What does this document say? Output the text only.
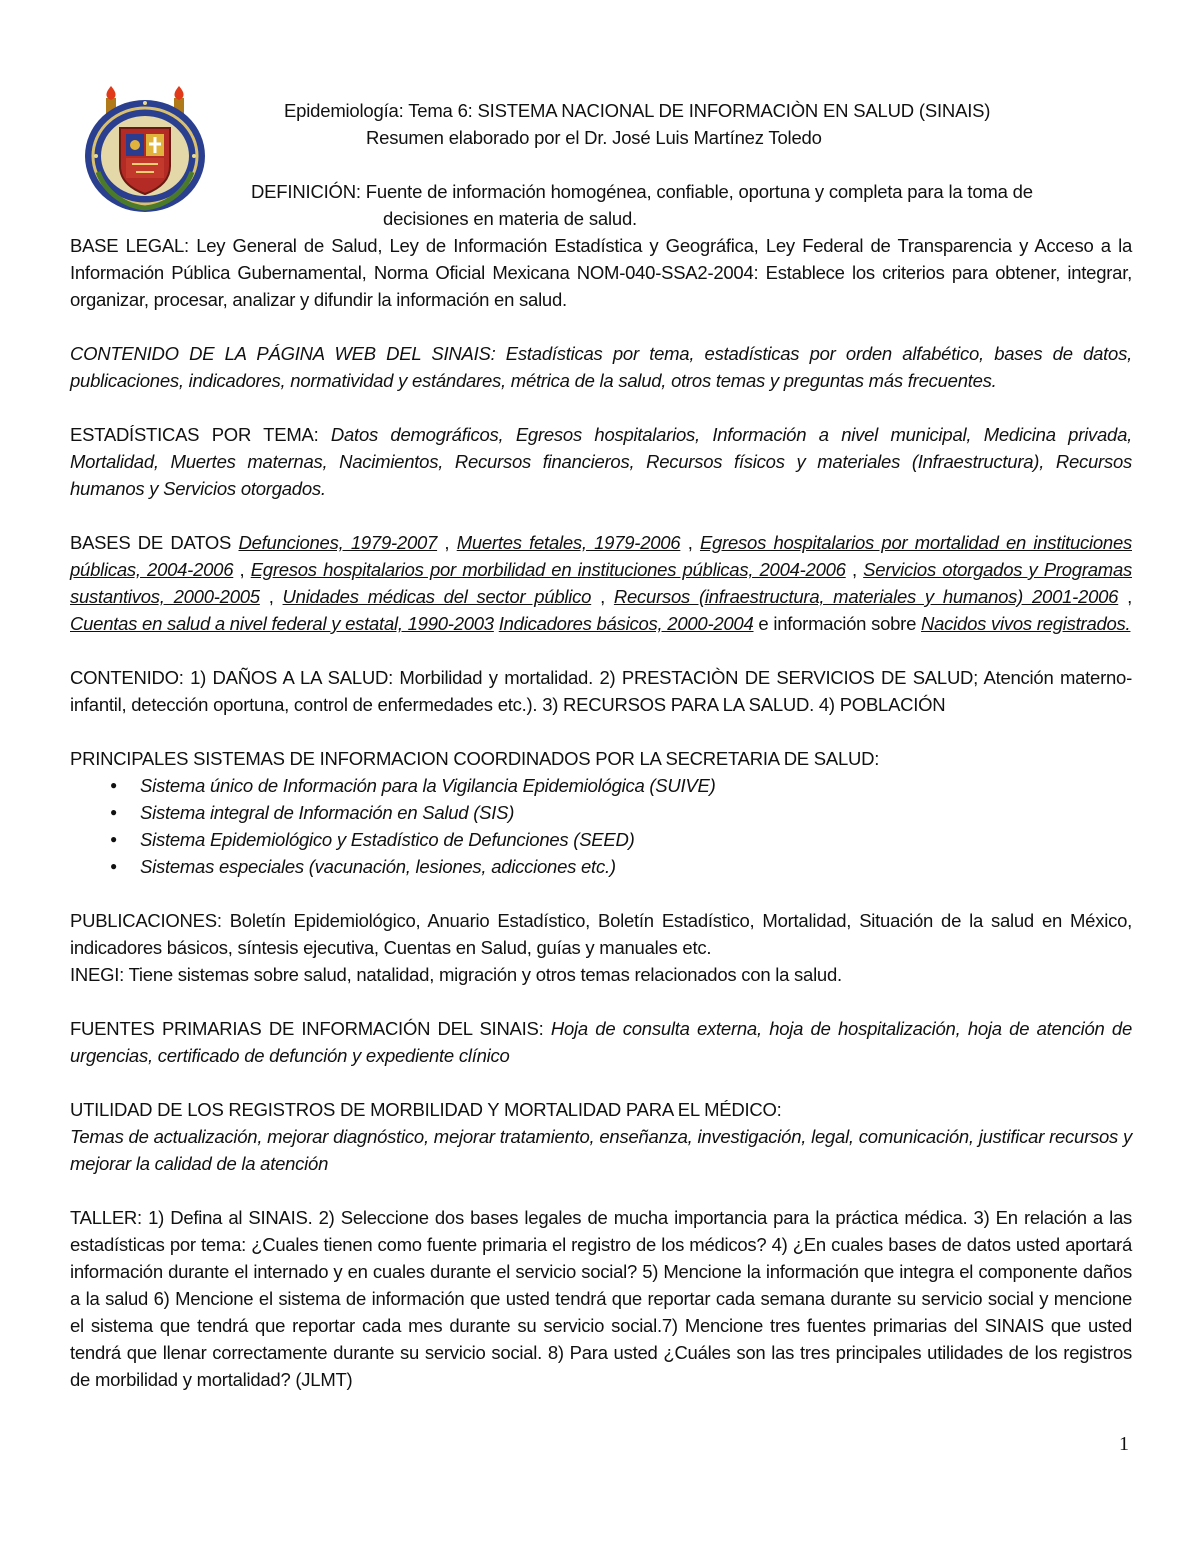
Epidemiología: Tema 6: SISTEMA NACIONAL DE INFORMACIÒN EN SALUD (SINAIS)
Resumen elaborado por el Dr. José Luis Martínez Toledo
DEFINICIÓN: Fuente de información homogénea, confiable, oportuna y completa para la toma de
decisiones en materia de salud.

BASE LEGAL: Ley General de Salud, Ley de Información Estadística y Geográfica, Ley Federal de Transparencia y Acceso a la Información Pública Gubernamental, Norma Oficial Mexicana NOM-040-SSA2-2004: Establece los criterios para obtener, integrar, organizar, procesar, analizar y difundir la información en salud.

CONTENIDO DE LA PÁGINA WEB DEL SINAIS: Estadísticas por tema, estadísticas por orden alfabético, bases de datos, publicaciones, indicadores, normatividad y estándares, métrica de la salud, otros temas y preguntas más frecuentes.

ESTADÍSTICAS POR TEMA: Datos demográficos, Egresos hospitalarios, Información a nivel municipal, Medicina privada, Mortalidad, Muertes maternas, Nacimientos, Recursos financieros, Recursos físicos y materiales (Infraestructura), Recursos humanos y Servicios otorgados.

BASES DE DATOS Defunciones, 1979-2007 , Muertes fetales, 1979-2006 , Egresos hospitalarios por mortalidad en instituciones públicas, 2004-2006 , Egresos hospitalarios por morbilidad en instituciones públicas, 2004-2006 , Servicios otorgados y Programas sustantivos, 2000-2005 , Unidades médicas del sector público , Recursos (infraestructura, materiales y humanos) 2001-2006 , Cuentas en salud a nivel federal y estatal, 1990-2003 Indicadores básicos, 2000-2004 e información sobre Nacidos vivos registrados.

CONTENIDO: 1) DAÑOS A LA SALUD: Morbilidad y mortalidad. 2) PRESTACIÒN DE SERVICIOS DE SALUD; Atención materno-infantil, detección oportuna, control de enfermedades etc.). 3) RECURSOS PARA LA SALUD. 4) POBLACIÓN

PRINCIPALES SISTEMAS DE INFORMACION COORDINADOS POR LA SECRETARIA DE SALUD:

● Sistema único de Información para la Vigilancia Epidemiológica (SUIVE)
● Sistema integral de Información en Salud (SIS)
● Sistema Epidemiológico y Estadístico de Defunciones (SEED)
● Sistemas especiales (vacunación, lesiones, adicciones etc.)

PUBLICACIONES: Boletín Epidemiológico, Anuario Estadístico, Boletín Estadístico, Mortalidad, Situación de la salud en México, indicadores básicos, síntesis ejecutiva, Cuentas en Salud, guías y manuales etc.

INEGI: Tiene sistemas sobre salud, natalidad, migración y otros temas relacionados con la salud.

FUENTES PRIMARIAS DE INFORMACIÓN DEL SINAIS: Hoja de consulta externa, hoja de hospitalización, hoja de atención de urgencias, certificado de defunción y expediente clínico

UTILIDAD DE LOS REGISTROS DE MORBILIDAD Y MORTALIDAD PARA EL MÉDICO:

Temas de actualización, mejorar diagnóstico, mejorar tratamiento, enseñanza, investigación, legal, comunicación, justificar recursos y mejorar la calidad de la atención

TALLER: 1) Defina al SINAIS. 2) Seleccione dos bases legales de mucha importancia para la práctica médica. 3) En relación a las estadísticas por tema: ¿Cuales tienen como fuente primaria el registro de los médicos? 4) ¿En cuales bases de datos usted aportará información durante el internado y en cuales durante el servicio social? 5) Mencione la información que integra el componente daños a la salud 6) Mencione el sistema de información que usted tendrá que reportar cada semana durante su servicio social y mencione el sistema que tendrá que reportar cada mes durante su servicio social.7) Mencione tres fuentes primarias del SINAIS que usted tendrá que llenar correctamente durante su servicio social. 8) Para usted ¿Cuáles son las tres principales utilidades de los registros de morbilidad y mortalidad? (JLMT)

1
